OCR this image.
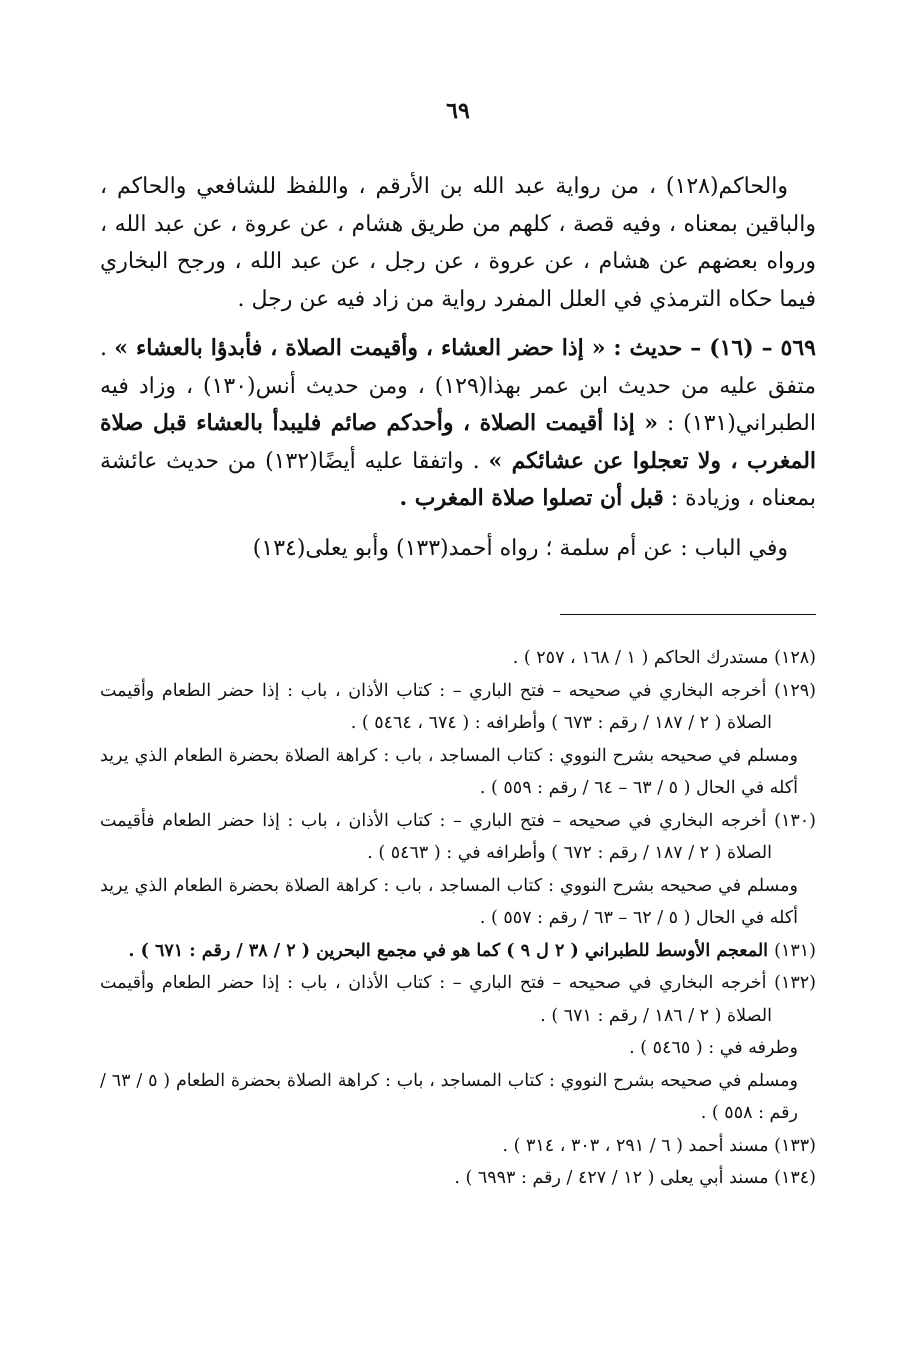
٦٩

والحاكم(١٢٨) ، من رواية عبد الله بن الأرقم ، واللفظ للشافعي والحاكم ، والباقين بمعناه ، وفيه قصة ، كلهم من طريق هشام ، عن عروة ، عن عبد الله ، ورواه بعضهم عن هشام ، عن عروة ، عن رجل ، عن عبد الله ، ورجح البخاري فيما حكاه الترمذي في العلل المفرد رواية من زاد فيه عن رجل .

٥٦٩ – (١٦) – حديث : « إذا حضر العشاء ، وأقيمت الصلاة ، فأبدؤا بالعشاء » . متفق عليه من حديث ابن عمر بهذا(١٢٩) ، ومن حديث أنس(١٣٠) ، وزاد فيه الطبراني(١٣١) : « إذا أقيمت الصلاة ، وأحدكم صائم فليبدأ بالعشاء قبل صلاة المغرب ، ولا تعجلوا عن عشائكم » . واتفقا عليه أيضًا(١٣٢) من حديث عائشة بمعناه ، وزيادة : قبل أن تصلوا صلاة المغرب .

وفي الباب : عن أم سلمة ؛ رواه أحمد(١٣٣) وأبو يعلى(١٣٤)

(١٢٨) مستدرك الحاكم ( ١ / ١٦٨ ، ٢٥٧ ) .
(١٢٩) أخرجه البخاري في صحيحه – فتح الباري – : كتاب الأذان ، باب : إذا حضر الطعام وأقيمت الصلاة ( ٢ / ١٨٧ / رقم : ٦٧٣ ) وأطرافه : ( ٦٧٤ ، ٥٤٦٤ ) .
ومسلم في صحيحه بشرح النووي : كتاب المساجد ، باب : كراهة الصلاة بحضرة الطعام الذي يريد أكله في الحال ( ٥ / ٦٣ – ٦٤ / رقم : ٥٥٩ ) .
(١٣٠) أخرجه البخاري في صحيحه – فتح الباري – : كتاب الأذان ، باب : إذا حضر الطعام فأقيمت الصلاة ( ٢ / ١٨٧ / رقم : ٦٧٢ ) وأطرافه في : ( ٥٤٦٣ ) .
ومسلم في صحيحه بشرح النووي : كتاب المساجد ، باب : كراهة الصلاة بحضرة الطعام الذي يريد أكله في الحال ( ٥ / ٦٢ – ٦٣ / رقم : ٥٥٧ ) .
(١٣١) المعجم الأوسط للطبراني ( ٢ ل ٩ ) كما هو في مجمع البحرين ( ٢ / ٣٨ / رقم : ٦٧١ ) .
(١٣٢) أخرجه البخاري في صحيحه – فتح الباري – : كتاب الأذان ، باب : إذا حضر الطعام وأقيمت الصلاة ( ٢ / ١٨٦ / رقم : ٦٧١ ) .
وطرفه في : ( ٥٤٦٥ ) .
ومسلم في صحيحه بشرح النووي : كتاب المساجد ، باب : كراهة الصلاة بحضرة الطعام ( ٥ / ٦٣ / رقم : ٥٥٨ ) .
(١٣٣) مسند أحمد ( ٦ / ٢٩١ ، ٣٠٣ ، ٣١٤ ) .
(١٣٤) مسند أبي يعلى ( ١٢ / ٤٢٧ / رقم : ٦٩٩٣ ) .
